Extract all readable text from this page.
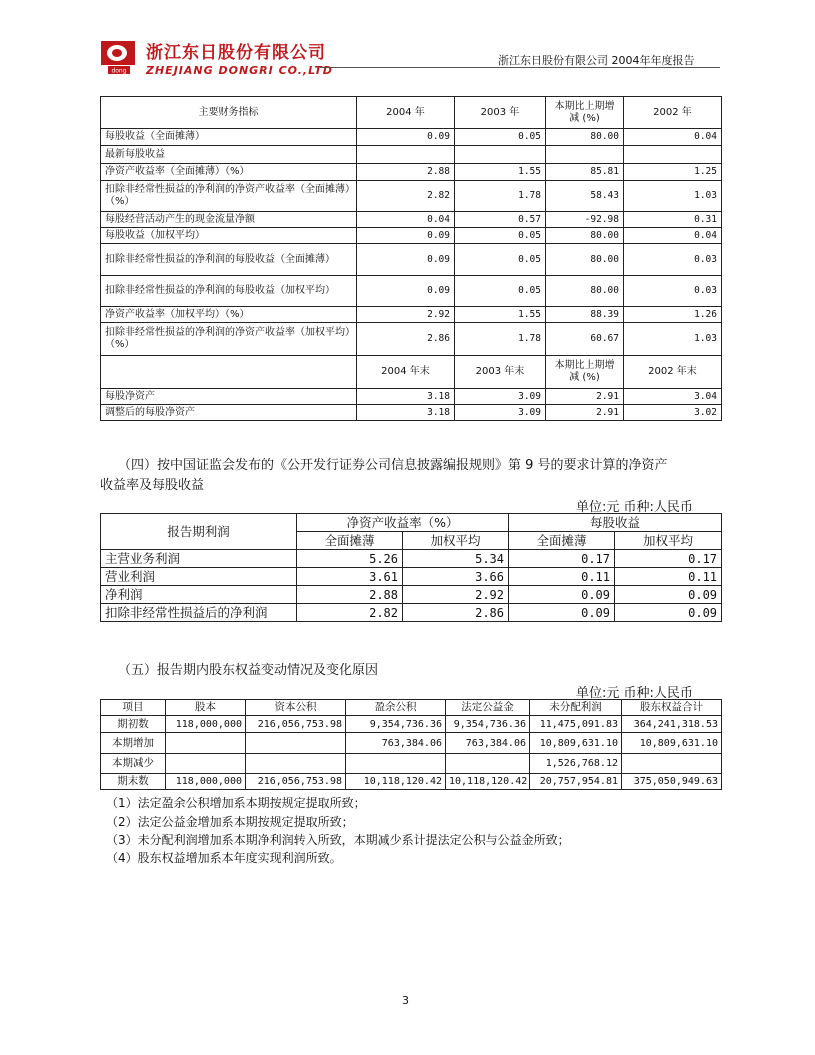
dong
浙江东日股份有限公司
ZHEJIANG DONGRI CO.,LTD
浙江东日股份有限公司 2004年年度报告
主要财务指标	2004 年	2003 年	本期比上期增减 (%)	2002 年
每股收益（全面摊薄）	0.09	0.05	80.00	0.04
最新每股收益				
净资产收益率（全面摊薄）（%）	2.88	1.55	85.81	1.25
扣除非经常性损益的净利润的净资产收益率（全面摊薄）（%）	2.82	1.78	58.43	1.03
每股经营活动产生的现金流量净额	0.04	0.57	-92.98	0.31
每股收益（加权平均）	0.09	0.05	80.00	0.04
扣除非经常性损益的净利润的每股收益（全面摊薄）	0.09	0.05	80.00	0.03
扣除非经常性损益的净利润的每股收益（加权平均）	0.09	0.05	80.00	0.03
净资产收益率（加权平均）（%）	2.92	1.55	88.39	1.26
扣除非经常性损益的净利润的净资产收益率（加权平均）（%）	2.86	1.78	60.67	1.03
	2004 年末	2003 年末	本期比上期增减 (%)	2002 年末
每股净资产	3.18	3.09	2.91	3.04
调整后的每股净资产	3.18	3.09	2.91	3.02
（四）按中国证监会发布的《公开发行证券公司信息披露编报规则》第 9 号的要求计算的净资产
收益率及每股收益
单位:元 币种:人民币
报告期利润	净资产收益率（%）		每股收益	
	全面摊薄	加权平均	全面摊薄	加权平均
主营业务利润	5.26	5.34	0.17	0.17
营业利润	3.61	3.66	0.11	0.11
净利润	2.88	2.92	0.09	0.09
扣除非经常性损益后的净利润	2.82	2.86	0.09	0.09
（五）报告期内股东权益变动情况及变化原因
单位:元 币种:人民币
项目	股本	资本公积	盈余公积	法定公益金	未分配利润	股东权益合计
期初数	118,000,000	216,056,753.98	9,354,736.36	9,354,736.36	11,475,091.83	364,241,318.53
本期增加			763,384.06	763,384.06	10,809,631.10	10,809,631.10
本期减少					1,526,768.12	
期末数	118,000,000	216,056,753.98	10,118,120.42	10,118,120.42	20,757,954.81	375,050,949.63
（1）法定盈余公积增加系本期按规定提取所致；
（2）法定公益金增加系本期按规定提取所致；
（3）未分配利润增加系本期净利润转入所致，本期减少系计提法定公积与公益金所致；
（4）股东权益增加系本年度实现利润所致。
3
